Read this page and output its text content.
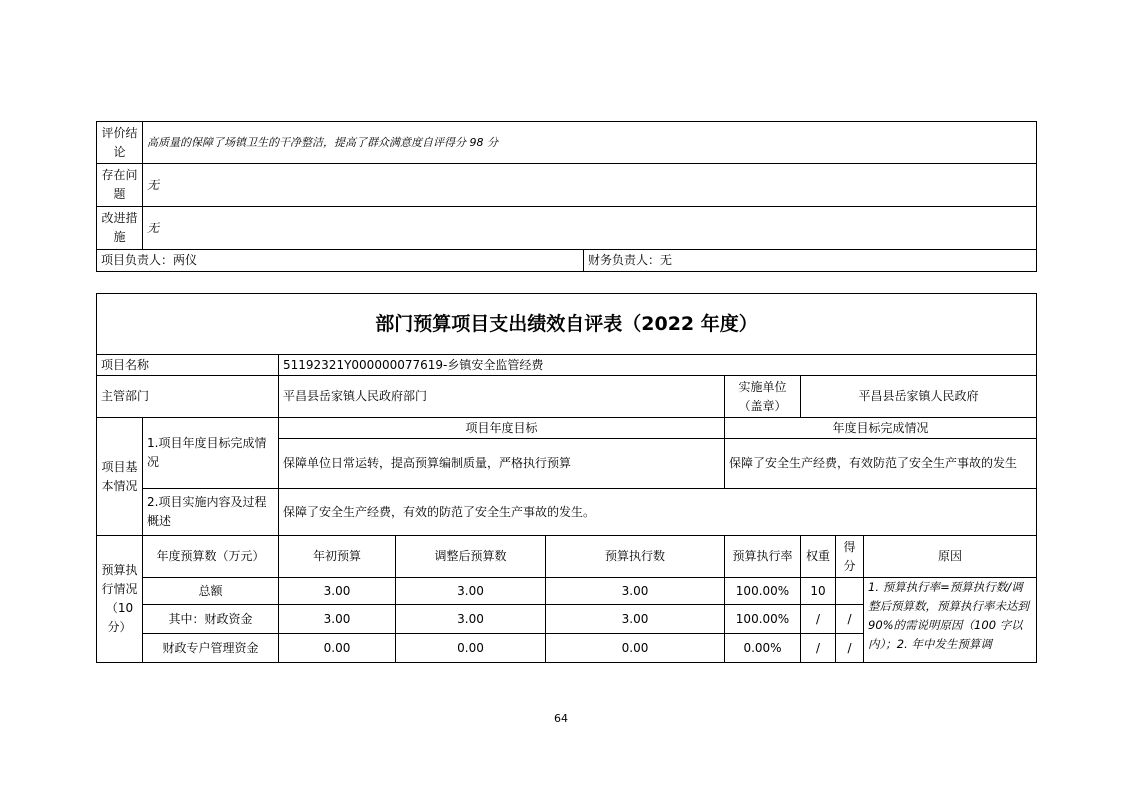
评价结论	高质量的保障了场镇卫生的干净整洁，提高了群众满意度自评得分 98 分	
存在问题	无	
改进措施	无	
项目负责人：两仪		财务负责人：无
部门预算项目支出绩效自评表（2022 年度）								
项目名称		51192321Y000000077619-乡镇安全监管经费						
主管部门		平昌县岳家镇人民政府部门			实施单位（盖章）	平昌县岳家镇人民政府		
项目基本情况	1.项目年度目标完成情况	项目年度目标			年度目标完成情况			
		保障单位日常运转，提高预算编制质量，严格执行预算			保障了安全生产经费，有效防范了安全生产事故的发生			
	2.项目实施内容及过程概述	保障了安全生产经费，有效的防范了安全生产事故的发生。						
预算执行情况（10分）	年度预算数（万元）	年初预算	调整后预算数	预算执行数	预算执行率	权重	得分	原因
	总额	3.00	3.00	3.00	100.00%	10		1. 预算执行率=预算执行数/调整后预算数，预算执行率未达到 90%的需说明原因（100 字以内）；2. 年中发生预算调
	其中：财政资金	3.00	3.00	3.00	100.00%	/	/	
	财政专户管理资金	0.00	0.00	0.00	0.00%	/	/	
64
